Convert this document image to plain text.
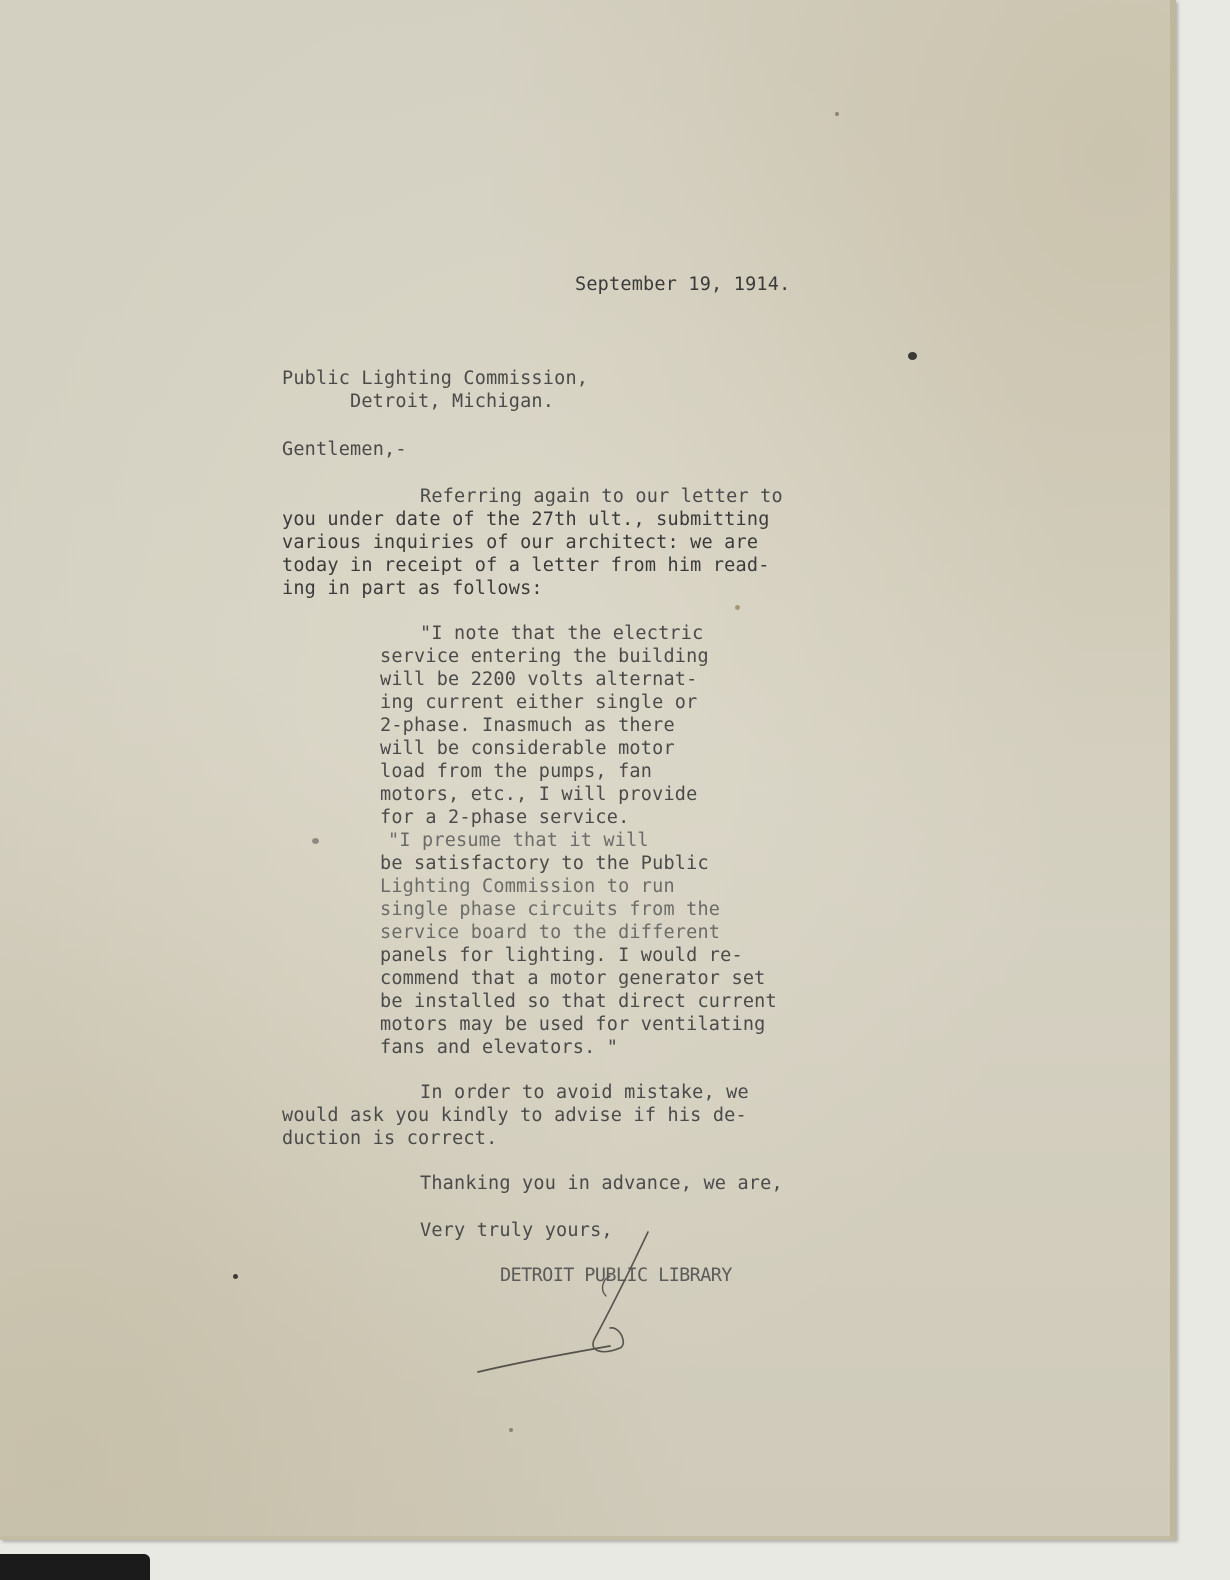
September 19, 1914.

Public Lighting Commission,

Detroit, Michigan.

Gentlemen,-

Referring again to our letter to

you under date of the 27th ult., submitting

various inquiries of our architect: we are

today in receipt of a letter from him read-

ing in part as follows:

"I note that the electric

service entering the building

will be 2200 volts alternat-

ing current either single or

2-phase. Inasmuch as there

will be considerable motor

load from the pumps, fan

motors, etc., I will provide

for a 2-phase service.

"I presume that it will

be satisfactory to the Public

Lighting Commission to run

single phase circuits from the

service board to the different

panels for lighting. I would re-

commend that a motor generator set

be installed so that direct current

motors may be used for ventilating

fans and elevators. "

In order to avoid mistake, we

would ask you kindly to advise if his de-

duction is correct.

Thanking you in advance, we are,

Very truly yours,

DETROIT PUBLIC LIBRARY
